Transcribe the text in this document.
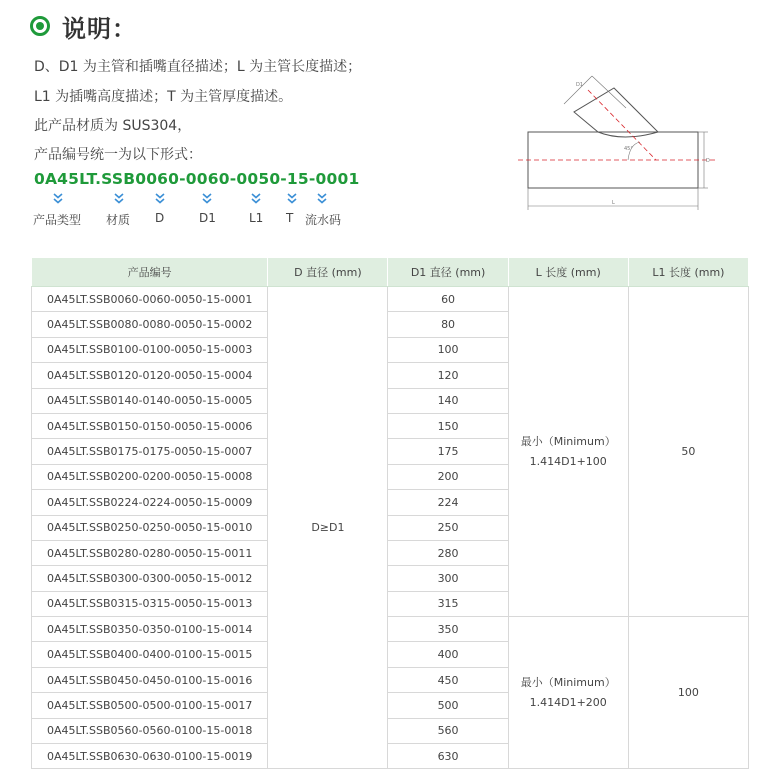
说明：
D、D1 为主管和插嘴直径描述；L 为主管长度描述；
L1 为插嘴高度描述；T 为主管厚度描述。
此产品材质为 SUS304，
产品编号统一为以下形式：
0A45LT.SSB0060-0060-0050-15-0001
产品类型 材质 D	D1	L1 T 流水码
D1
45°
D
L
产品编号	D 直径 (mm)	D1 直径 (mm)	L 长度 (mm)	L1 长度 (mm)
0A45LT.SSB0060-0060-0050-15-0001	D≥D1	60	最小（Minimum）
1.414D1+100	50
0A45LT.SSB0080-0080-0050-15-0002		80		
0A45LT.SSB0100-0100-0050-15-0003		100		
0A45LT.SSB0120-0120-0050-15-0004		120		
0A45LT.SSB0140-0140-0050-15-0005		140		
0A45LT.SSB0150-0150-0050-15-0006		150		
0A45LT.SSB0175-0175-0050-15-0007		175		
0A45LT.SSB0200-0200-0050-15-0008		200		
0A45LT.SSB0224-0224-0050-15-0009		224		
0A45LT.SSB0250-0250-0050-15-0010		250		
0A45LT.SSB0280-0280-0050-15-0011		280		
0A45LT.SSB0300-0300-0050-15-0012		300		
0A45LT.SSB0315-0315-0050-15-0013		315		
0A45LT.SSB0350-0350-0100-15-0014		350	最小（Minimum）
1.414D1+200	100
0A45LT.SSB0400-0400-0100-15-0015		400		
0A45LT.SSB0450-0450-0100-15-0016		450		
0A45LT.SSB0500-0500-0100-15-0017		500		
0A45LT.SSB0560-0560-0100-15-0018		560		
0A45LT.SSB0630-0630-0100-15-0019		630		
